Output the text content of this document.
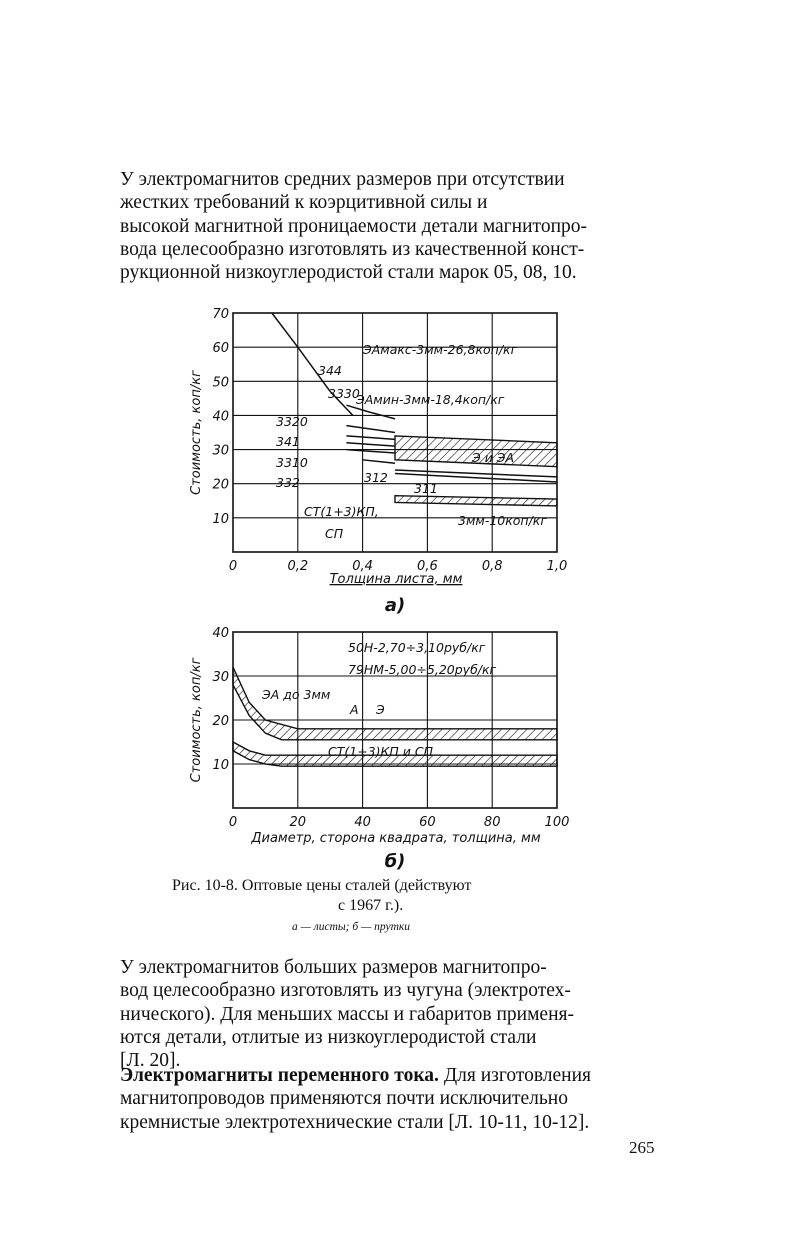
У электромагнитов средних размеров при отсутствии
жестких требований к коэрцитивной силы и
высокой магнитной проницаемости детали магнитопро-
вода целесообразно изготовлять из качественной конст-
рукционной низкоуглеродистой стали марок 05, 08, 10.
0	0,2	0,4	0,6	0,8	1,0
10
20
30
40
50
60
70
Стоимость, коп/кг
Толщина листа, мм
а)
ЭАмакс-3мм-26,8коп/кг
ЭАмин-3мм-18,4коп/кг
Э и ЭА
3мм-10коп/кг
СТ(1+3)КП,
СП
344
3330
3320
341
3310
332	312
311
0	20	40	60	80	100
10
20
30
40
Стоимость, коп/кг
Диаметр, сторона квадрата, толщина, мм
б)
50Н-2,70÷3,10руб/кг
79НМ-5,00÷5,20руб/кг
ЭА до 3мм
А Э
СТ(1÷3)КП и СП
Рис. 10-8. Оптовые цены сталей (действуют
с 1967 г.).
а — листы; б — прутки
У электромагнитов больших размеров магнитопро-
вод целесообразно изготовлять из чугуна (электротех-
нического). Для меньших массы и габаритов применя-
ются детали, отлитые из низкоуглеродистой стали
[Л. 20].
Электромагниты переменного тока. Для изготовления
магнитопроводов применяются почти исключительно
кремнистые электротехнические стали [Л. 10-11, 10-12].
265
